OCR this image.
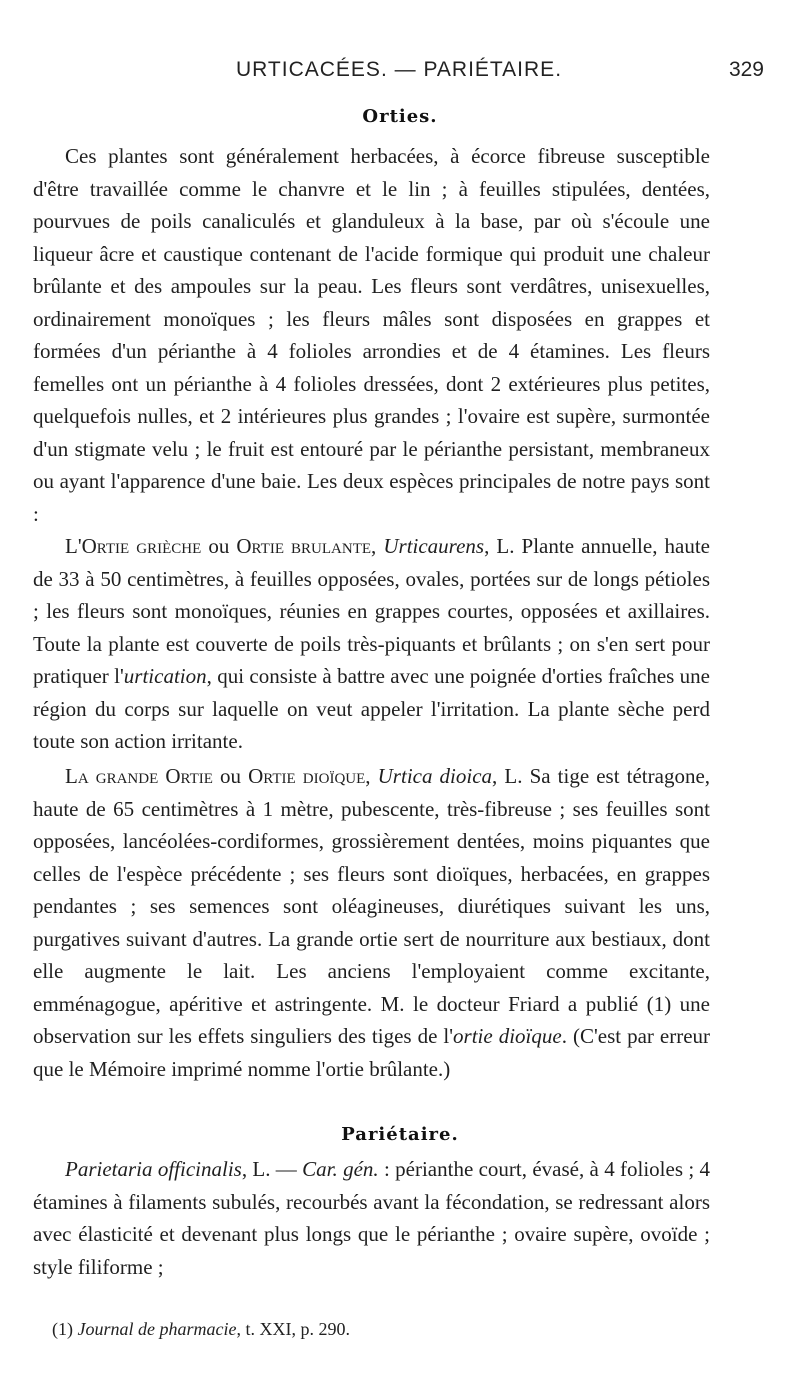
URTICACÉES. — PARIÉTAIRE.	329
Orties.

Ces plantes sont généralement herbacées, à écorce fibreuse susceptible d'être travaillée comme le chanvre et le lin ; à feuilles stipulées, dentées, pourvues de poils canaliculés et glanduleux à la base, par où s'écoule une liqueur âcre et caustique contenant de l'acide formique qui produit une chaleur brûlante et des ampoules sur la peau. Les fleurs sont verdâtres, unisexuelles, ordinairement monoïques ; les fleurs mâles sont disposées en grappes et formées d'un périanthe à 4 folioles arrondies et de 4 étamines. Les fleurs femelles ont un périanthe à 4 folioles dressées, dont 2 extérieures plus petites, quelquefois nulles, et 2 intérieures plus grandes ; l'ovaire est supère, surmontée d'un stigmate velu ; le fruit est entouré par le périanthe persistant, membraneux ou ayant l'apparence d'une baie. Les deux espèces principales de notre pays sont :

L'Ortie grièche ou Ortie brulante, Urticaurens, L. Plante annuelle, haute de 33 à 50 centimètres, à feuilles opposées, ovales, portées sur de longs pétioles ; les fleurs sont monoïques, réunies en grappes courtes, opposées et axillaires. Toute la plante est couverte de poils très-piquants et brûlants ; on s'en sert pour pratiquer l'urtication, qui consiste à battre avec une poignée d'orties fraîches une région du corps sur laquelle on veut appeler l'irritation. La plante sèche perd toute son action irritante.

La grande Ortie ou Ortie dioïque, Urtica dioica, L. Sa tige est tétragone, haute de 65 centimètres à 1 mètre, pubescente, très-fibreuse ; ses feuilles sont opposées, lancéolées-cordiformes, grossièrement dentées, moins piquantes que celles de l'espèce précédente ; ses fleurs sont dioïques, herbacées, en grappes pendantes ; ses semences sont oléagineuses, diurétiques suivant les uns, purgatives suivant d'autres. La grande ortie sert de nourriture aux bestiaux, dont elle augmente le lait. Les anciens l'employaient comme excitante, emménagogue, apéritive et astringente. M. le docteur Friard a publié (1) une observation sur les effets singuliers des tiges de l'ortie dioïque. (C'est par erreur que le Mémoire imprimé nomme l'ortie brûlante.)

Pariétaire.

Parietaria officinalis, L. — Car. gén. : périanthe court, évasé, à 4 folioles ; 4 étamines à filaments subulés, recourbés avant la fécondation, se redressant alors avec élasticité et devenant plus longs que le périanthe ; ovaire supère, ovoïde ; style filiforme ;

(1) Journal de pharmacie, t. XXI, p. 290.
